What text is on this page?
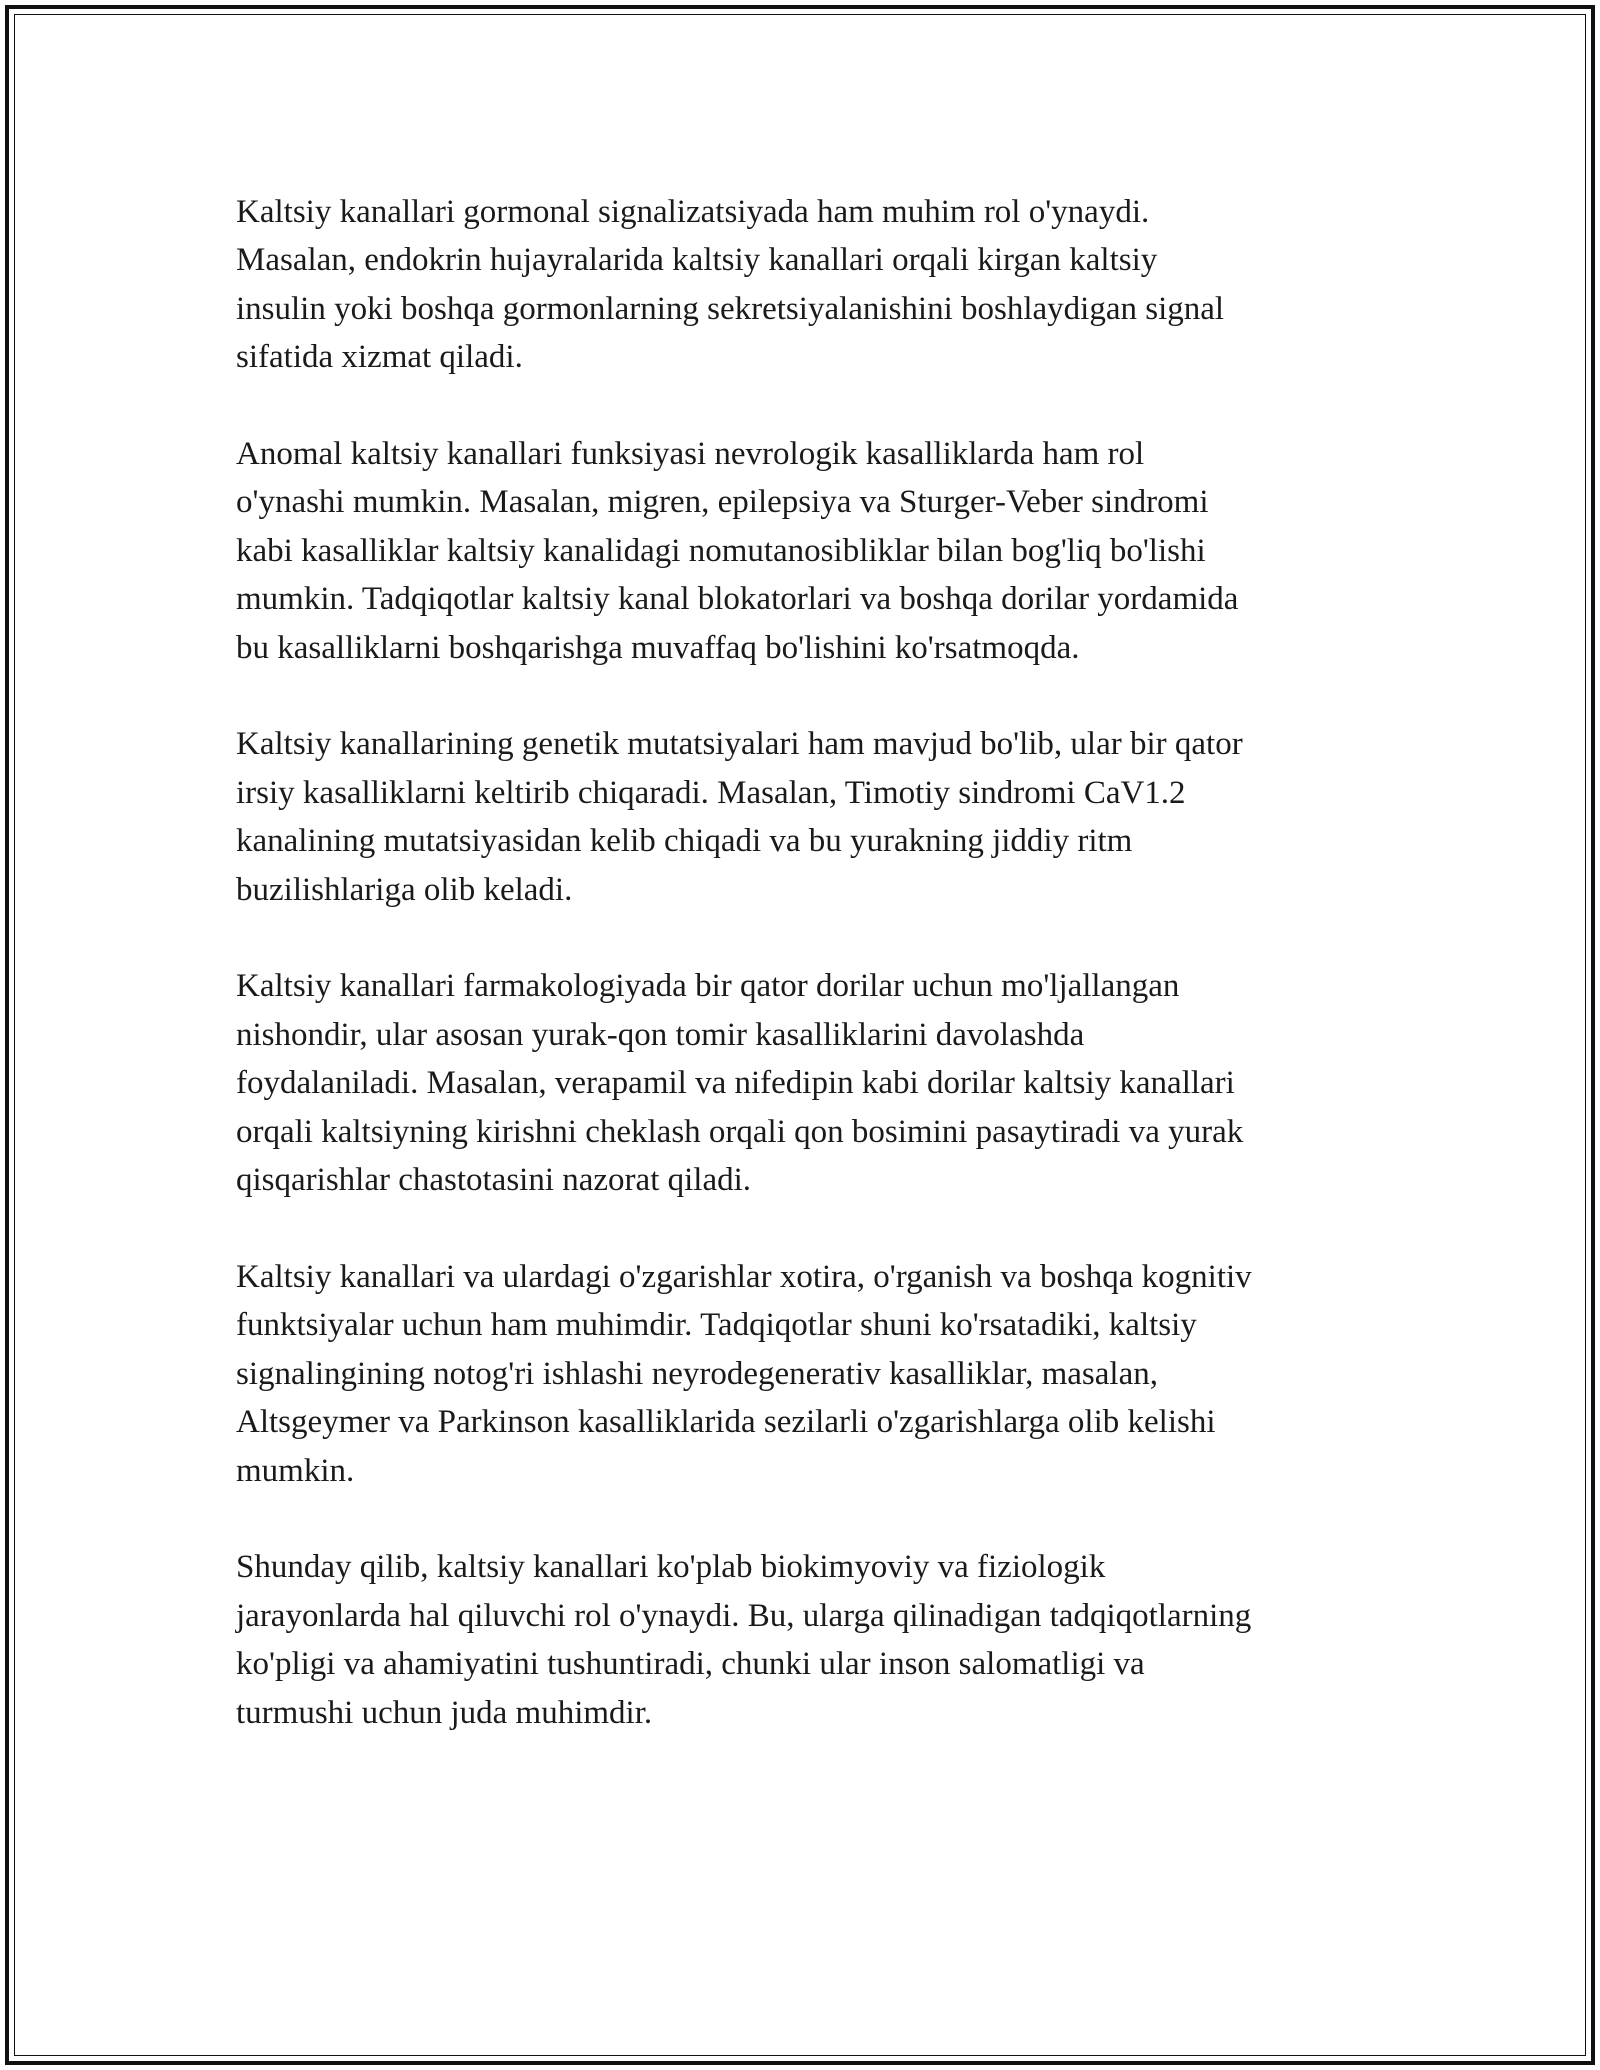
Kaltsiy kanallari gormonal signalizatsiyada ham muhim rol o'ynaydi.
Masalan, endokrin hujayralarida kaltsiy kanallari orqali kirgan kaltsiy
insulin yoki boshqa gormonlarning sekretsiyalanishini boshlaydigan signal
sifatida xizmat qiladi.

Anomal kaltsiy kanallari funksiyasi nevrologik kasalliklarda ham rol
o'ynashi mumkin. Masalan, migren, epilepsiya va Sturger-Veber sindromi
kabi kasalliklar kaltsiy kanalidagi nomutanosibliklar bilan bog'liq bo'lishi
mumkin. Tadqiqotlar kaltsiy kanal blokatorlari va boshqa dorilar yordamida
bu kasalliklarni boshqarishga muvaffaq bo'lishini ko'rsatmoqda.

Kaltsiy kanallarining genetik mutatsiyalari ham mavjud bo'lib, ular bir qator
irsiy kasalliklarni keltirib chiqaradi. Masalan, Timotiy sindromi CaV1.2
kanalining mutatsiyasidan kelib chiqadi va bu yurakning jiddiy ritm
buzilishlariga olib keladi.

Kaltsiy kanallari farmakologiyada bir qator dorilar uchun mo'ljallangan
nishondir, ular asosan yurak-qon tomir kasalliklarini davolashda
foydalaniladi. Masalan, verapamil va nifedipin kabi dorilar kaltsiy kanallari
orqali kaltsiyning kirishni cheklash orqali qon bosimini pasaytiradi va yurak
qisqarishlar chastotasini nazorat qiladi.

Kaltsiy kanallari va ulardagi o'zgarishlar xotira, o'rganish va boshqa kognitiv
funktsiyalar uchun ham muhimdir. Tadqiqotlar shuni ko'rsatadiki, kaltsiy
signalingining notog'ri ishlashi neyrodegenerativ kasalliklar, masalan,
Altsgeymer va Parkinson kasalliklarida sezilarli o'zgarishlarga olib kelishi
mumkin.

Shunday qilib, kaltsiy kanallari ko'plab biokimyoviy va fiziologik
jarayonlarda hal qiluvchi rol o'ynaydi. Bu, ularga qilinadigan tadqiqotlarning
ko'pligi va ahamiyatini tushuntiradi, chunki ular inson salomatligi va
turmushi uchun juda muhimdir.
